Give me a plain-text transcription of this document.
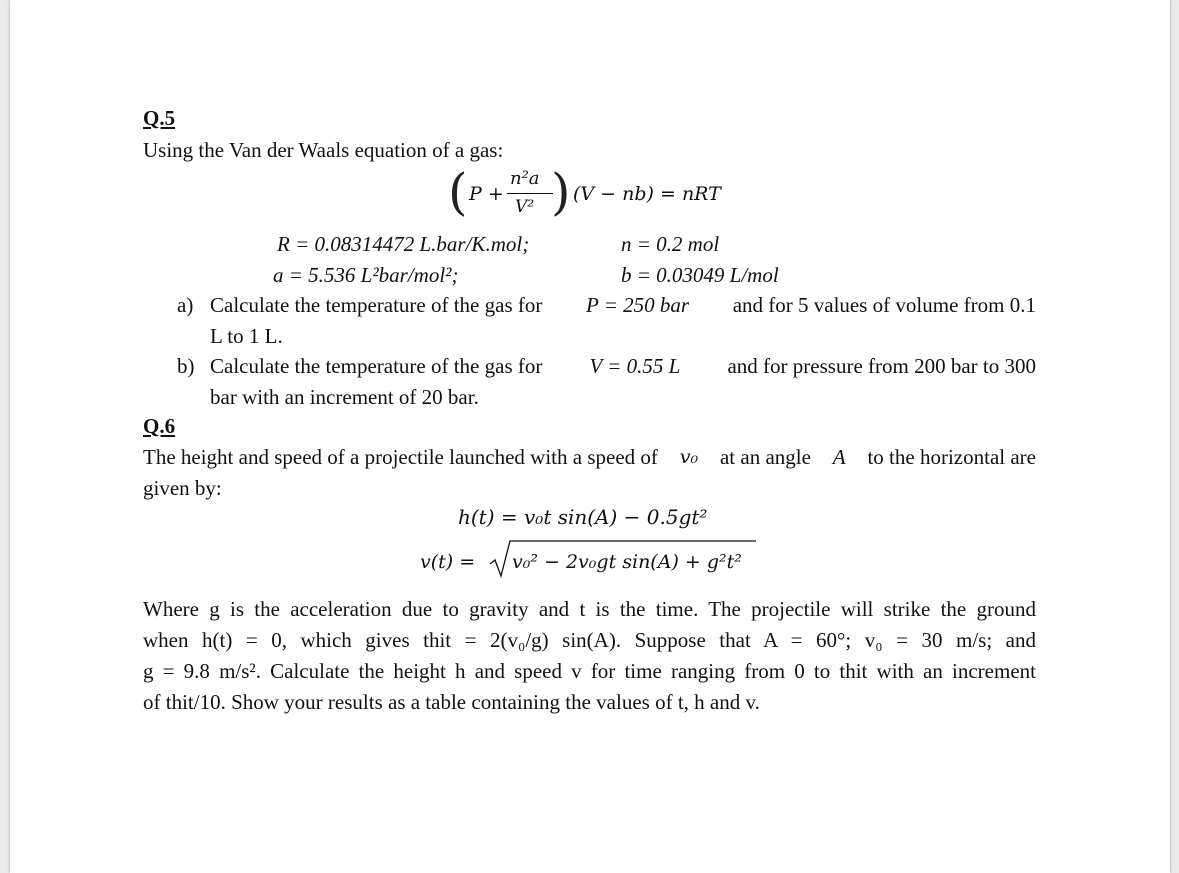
Q.5
Using the Van der Waals equation of a gas:
( P +
n²a
V² ) (V − nb) = nRT
R = 0.08314472 L.bar/K.mol;	n = 0.2 mol
a = 5.536 L²bar/mol²;	b = 0.03049 L/mol
a) Calculate the temperature of the gas for P = 250 bar and for 5 values of volume from 0.1
L to 1 L.
b) Calculate the temperature of the gas for V = 0.55 L and for pressure from 200 bar to 300
bar with an increment of 20 bar.
Q.6
The height and speed of a projectile launched with a speed of v₀ at an angle A to the horizontal are
given by:
h(t) = v₀t sin(A) − 0.5gt²
v(t) = v₀² − 2v₀gt sin(A) + g²t²
Where g is the acceleration due to gravity and t is the time. The projectile will strike the ground
when h(t) = 0, which gives thit = 2(v₀/g) sin(A). Suppose that A = 60°; v₀ = 30 m/s; and
g = 9.8 m/s². Calculate the height h and speed v for time ranging from 0 to thit with an increment
of thit/10. Show your results as a table containing the values of t, h and v.
